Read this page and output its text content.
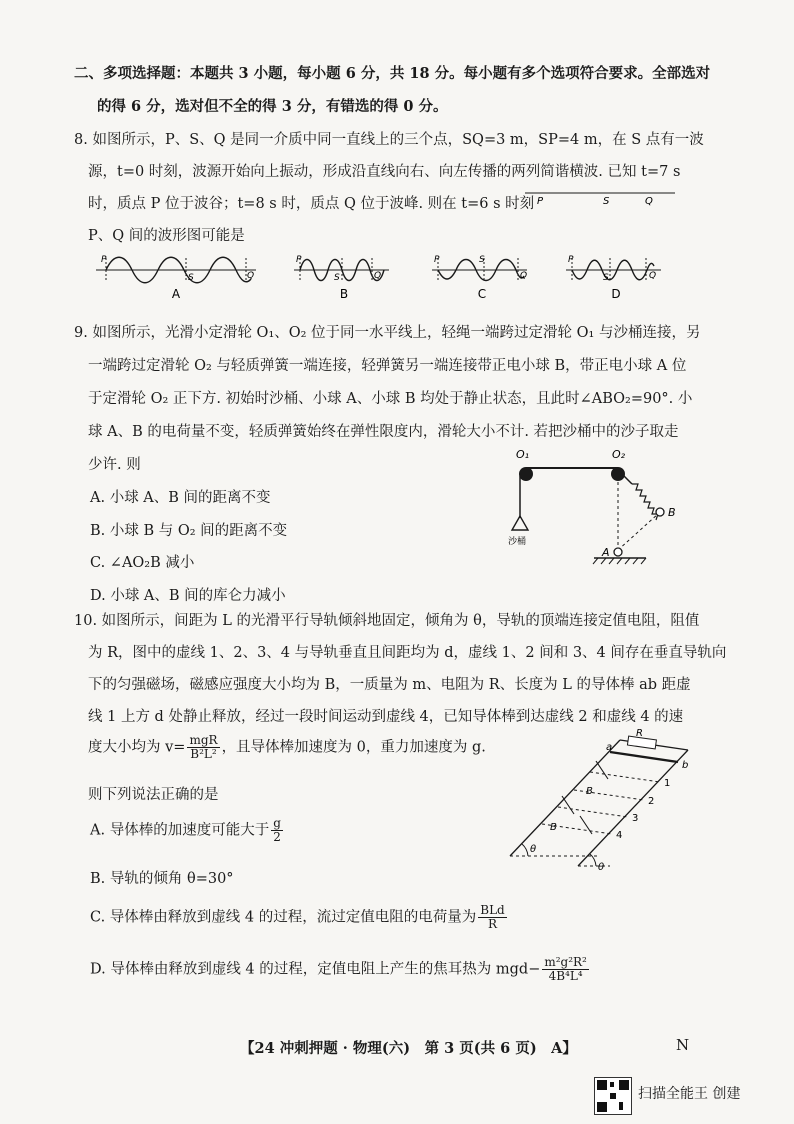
二、多项选择题：本题共 3 小题，每小题 6 分，共 18 分。每小题有多个选项符合要求。全部选对
的得 6 分，选对但不全的得 3 分，有错选的得 0 分。
8. 如图所示，P、S、Q 是同一介质中同一直线上的三个点，SQ=3 m，SP=4 m，在 S 点有一波
源，t=0 时刻，波源开始向上振动，形成沿直线向右、向左传播的两列简谐横波. 已知 t=7 s
时，质点 P 位于波谷；t=8 s 时，质点 Q 位于波峰. 则在 t=6 s 时刻
P、Q 间的波形图可能是
P	S	Q
P
S	Q
A
P
S	Q
B
P	S
Q
C
P
S	Q
D
9. 如图所示，光滑小定滑轮 O₁、O₂ 位于同一水平线上，轻绳一端跨过定滑轮 O₁ 与沙桶连接，另
一端跨过定滑轮 O₂ 与轻质弹簧一端连接，轻弹簧另一端连接带正电小球 B，带正电小球 A 位
于定滑轮 O₂ 正下方. 初始时沙桶、小球 A、小球 B 均处于静止状态，且此时∠ABO₂=90°. 小
球 A、B 的电荷量不变，轻质弹簧始终在弹性限度内，滑轮大小不计. 若把沙桶中的沙子取走
少许. 则
A. 小球 A、B 间的距离不变
B. 小球 B 与 O₂ 间的距离不变
C. ∠AO₂B 减小
D. 小球 A、B 间的库仑力减小
O₁	O₂
B
A
沙桶
10. 如图所示，间距为 L 的光滑平行导轨倾斜地固定，倾角为 θ，导轨的顶端连接定值电阻，阻值
为 R，图中的虚线 1、2、3、4 与导轨垂直且间距均为 d，虚线 1、2 间和 3、4 间存在垂直导轨向
下的匀强磁场，磁感应强度大小均为 B，一质量为 m、电阻为 R、长度为 L 的导体棒 ab 距虚
线 1 上方 d 处静止释放，经过一段时间运动到虚线 4，已知导体棒到达虚线 2 和虚线 4 的速
度大小均为 $v= \frac{\text{mgR}}{\text{B²L²}}$ ，且导体棒加速度为 0，重力加速度为 g.
则下列说法正确的是
A. 导体棒的加速度可能大于 $\frac{g}{2}$
B. 导轨的倾角 θ=30°
C. 导体棒由释放到虚线 4 的过程，流过定值电阻的电荷量为 $\frac{\text{BLd}}{R}$
D. 导体棒由释放到虚线 4 的过程，定值电阻上产生的焦耳热为 $mgd- \frac{\text{m²g²R²}}{\text{4B⁴L⁴}}$
a
b
R
B
B
1
2
3
4
θ
θ
【24 冲刺押题 · 物理(六)　第 3 页(共 6 页)　A】	N
扫描全能王 创建
